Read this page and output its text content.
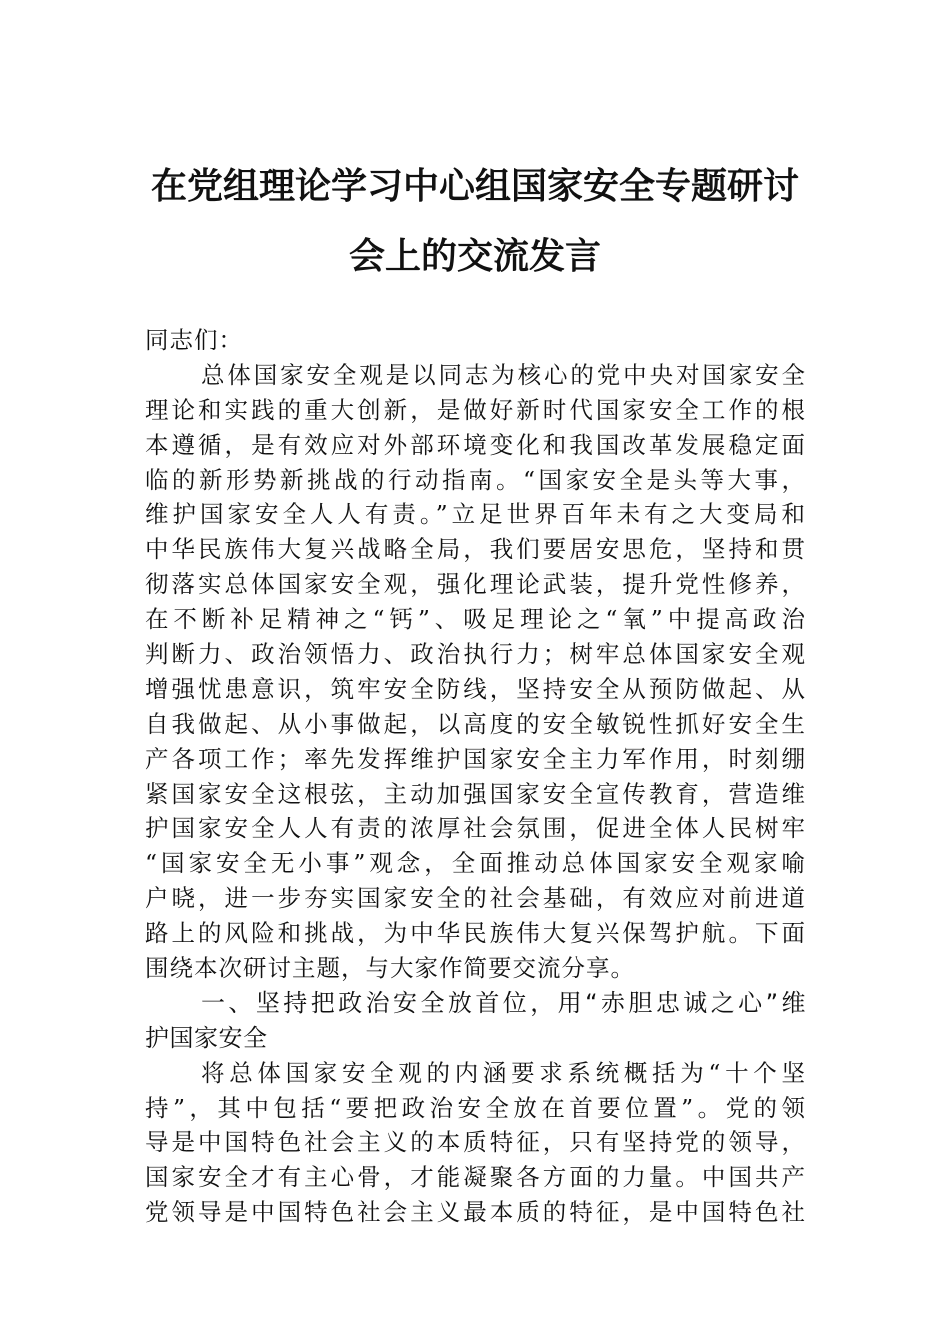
在党组理论学习中心组国家安全专题研讨
会上的交流发言
同志们：
总体国家安全观是以同志为核心的党中央对国家安全
理论和实践的重大创新，是做好新时代国家安全工作的根
本遵循，是有效应对外部环境变化和我国改革发展稳定面
临的新形势新挑战的行动指南。“国家安全是头等大事，
维护国家安全人人有责。”立足世界百年未有之大变局和
中华民族伟大复兴战略全局，我们要居安思危，坚持和贯
彻落实总体国家安全观，强化理论武装，提升党性修养，
在不断补足精神之“钙”、吸足理论之“氧”中提高政治
判断力、政治领悟力、政治执行力；树牢总体国家安全观
增强忧患意识，筑牢安全防线，坚持安全从预防做起、从
自我做起、从小事做起，以高度的安全敏锐性抓好安全生
产各项工作；率先发挥维护国家安全主力军作用，时刻绷
紧国家安全这根弦，主动加强国家安全宣传教育，营造维
护国家安全人人有责的浓厚社会氛围，促进全体人民树牢
“国家安全无小事”观念，全面推动总体国家安全观家喻
户晓，进一步夯实国家安全的社会基础，有效应对前进道
路上的风险和挑战，为中华民族伟大复兴保驾护航。下面
围绕本次研讨主题，与大家作简要交流分享。
一、坚持把政治安全放首位，用“赤胆忠诚之心”维
护国家安全
将总体国家安全观的内涵要求系统概括为“十个坚
持”，其中包括“要把政治安全放在首要位置”。党的领
导是中国特色社会主义的本质特征，只有坚持党的领导，
国家安全才有主心骨，才能凝聚各方面的力量。中国共产
党领导是中国特色社会主义最本质的特征，是中国特色社
